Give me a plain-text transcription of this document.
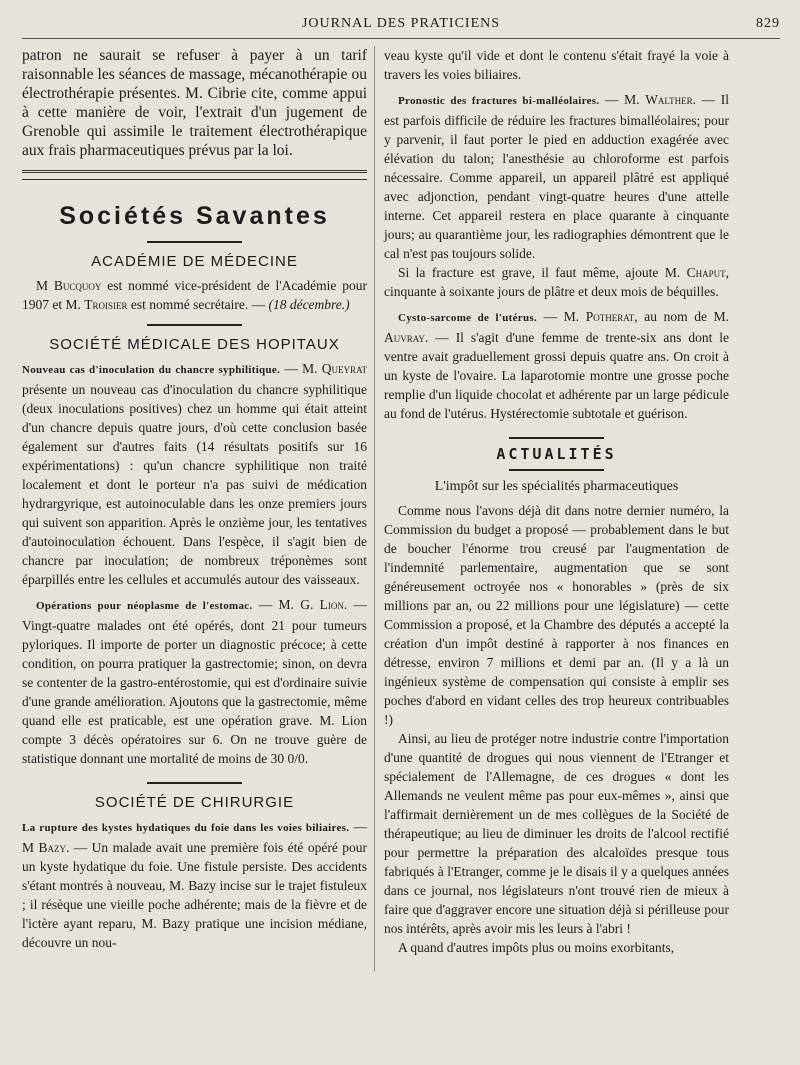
JOURNAL DES PRATICIENS	829

patron ne saurait se refuser à payer à un tarif raisonnable les séances de massage, mécanothérapie ou électrothérapie présentes. M. Cibrie cite, comme appui à cette manière de voir, l'extrait d'un jugement de Grenoble qui assimile le traitement électrothérapique aux frais pharmaceutiques prévus par la loi.

Sociétés Savantes
ACADÉMIE DE MÉDECINE

M Bucquoy est nommé vice-président de l'Académie pour 1907 et M. Troisier est nommé secrétaire. — (18 décembre.)

SOCIÉTÉ MÉDICALE DES HOPITAUX

Nouveau cas d'inoculation du chancre syphilitique. — M. Queyrat présente un nouveau cas d'inoculation du chancre syphilitique (deux inoculations positives) chez un homme qui était atteint d'un chancre depuis quatre jours, d'où cette conclusion basée également sur d'autres faits (14 résultats positifs sur 16 expérimentations) : qu'un chancre syphilitique non traité localement et dont le porteur n'a pas suivi de médication hydrargyrique, est autoinoculable dans les onze premiers jours qui suivent son apparition. Après le onzième jour, les tentatives d'autoinoculation échouent. Dans l'espèce, il s'agit bien de chancre par inoculation; de nombreux tréponèmes sont éparpillés entre les cellules et accumulés autour des vaisseaux.

Opérations pour néoplasme de l'estomac. — M. G. Lion. — Vingt-quatre malades ont été opérés, dont 21 pour tumeurs pyloriques. Il importe de porter un diagnostic précoce; à cette condition, on pourra pratiquer la gastrectomie; sinon, on devra se contenter de la gastro-entérostomie, qui est d'ordinaire suivie d'une grande amélioration. Ajoutons que la gastrectomie, même quand elle est praticable, est une opération grave. M. Lion compte 3 décès opératoires sur 6. On ne trouve guère de statistique donnant une mortalité de moins de 30 0/0.

SOCIÉTÉ DE CHIRURGIE

La rupture des kystes hydatiques du foie dans les voies biliaires. — M Bazy. — Un malade avait une première fois été opéré pour un kyste hydatique du foie. Une fistule persiste. Des accidents s'étant montrés à nouveau, M. Bazy incise sur le trajet fistuleux ; il résèque une vieille poche adhérente; mais de la fièvre et de l'ictère ayant reparu, M. Bazy pratique une incision médiane, découvre un nou-

veau kyste qu'il vide et dont le contenu s'était frayé la voie à travers les voies biliaires.

Pronostic des fractures bi-malléolaires. — M. Walther. — Il est parfois difficile de réduire les fractures bimalléolaires; pour y parvenir, il faut porter le pied en adduction exagérée avec élévation du talon; l'anesthésie au chloroforme est parfois nécessaire. Comme appareil, un appareil plâtré est appliqué avec adjonction, pendant vingt-quatre heures d'une attelle interne. Cet appareil restera en place quarante à cinquante jours; au quarantième jour, les radiographies démontrent que le cal n'est pas toujours solide.

Si la fracture est grave, il faut même, ajoute M. Chaput, cinquante à soixante jours de plâtre et deux mois de béquilles.

Cysto-sarcome de l'utérus. — M. Potherat, au nom de M. Auvray. — Il s'agit d'une femme de trente-six ans dont le ventre avait graduellement grossi depuis quatre ans. On croit à un kyste de l'ovaire. La laparotomie montre une grosse poche remplie d'un liquide chocolat et adhérente par un large pédicule au fond de l'utérus. Hystérectomie subtotale et guérison.

ACTUALITÉS
L'impôt sur les spécialités pharmaceutiques

Comme nous l'avons déjà dit dans notre dernier numéro, la Commission du budget a proposé — probablement dans le but de boucher l'énorme trou creusé par l'augmentation de l'indemnité parlementaire, augmentation que se sont généreusement octroyée nos « honorables » (près de six millions par an, ou 22 millions pour une législature) — cette Commission a proposé, et la Chambre des députés a accepté la création d'un impôt destiné à rapporter à nos finances en détresse, environ 7 millions et demi par an. (Il y a là un ingénieux système de compensation qui consiste à emplir ses poches d'abord en vidant celles des trop heureux contribuables !)

Ainsi, au lieu de protéger notre industrie contre l'importation d'une quantité de drogues qui nous viennent de l'Etranger et spécialement de l'Allemagne, de ces drogues « dont les Allemands ne veulent même pas pour eux-mêmes », ainsi que l'affirmait dernièrement un de mes collègues de la Société de thérapeutique; au lieu de diminuer les droits de l'alcool rectifié pour permettre la préparation des alcaloïdes presque tous fabriqués à l'Etranger, comme je le disais il y a quelques années dans ce journal, nos législateurs n'ont trouvé rien de mieux à faire que d'aggraver encore une situation déjà si périlleuse pour nos intérêts, après avoir mis les leurs à l'abri !

A quand d'autres impôts plus ou moins exorbitants,
